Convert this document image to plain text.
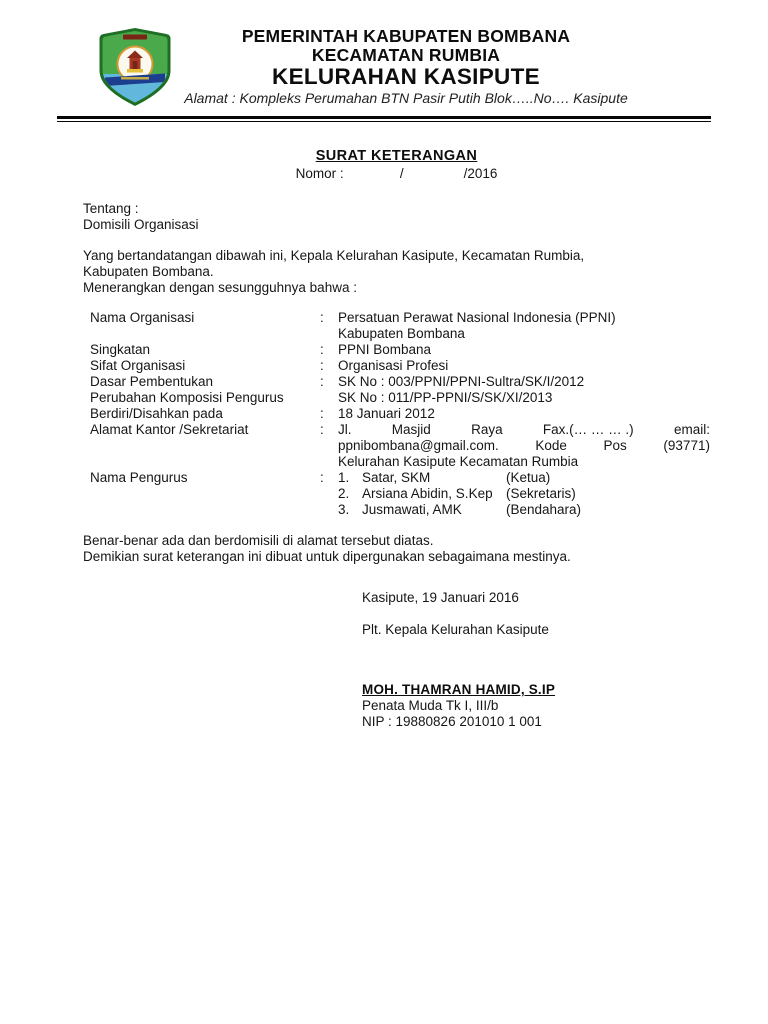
PEMERINTAH KABUPATEN BOMBANA
KECAMATAN RUMBIA
KELURAHAN KASIPUTE
Alamat : Kompleks Perumahan BTN Pasir Putih Blok…..No…. Kasipute
SURAT KETERANGAN
Nomor :               /                /2016
Tentang :
Domisili Organisasi
Yang bertandatangan dibawah ini, Kepala Kelurahan Kasipute, Kecamatan Rumbia,
Kabupaten Bombana.
Menerangkan dengan sesungguhnya bahwa :
Nama Organisasi	:	Persatuan Perawat Nasional Indonesia (PPNI)
Kabupaten Bombana
Singkatan	:	PPNI Bombana
Sifat Organisasi	:	Organisasi Profesi
Dasar Pembentukan	:	SK No : 003/PPNI/PPNI-Sultra/SK/I/2012
Perubahan Komposisi Pengurus	SK No : 011/PP-PPNI/S/SK/XI/2013
Berdiri/Disahkan pada	:	18 Januari 2012
Alamat Kantor /Sekretariat	:	Jl.	Masjid	Raya	Fax.(… … … .)	email:
ppnibombana@gmail.com.	Kode	Pos	(93771)
Kelurahan Kasipute Kecamatan Rumbia
Nama Pengurus	:	1. Satar, SKM	(Ketua)
2. Arsiana Abidin, S.Kep (Sekretaris)
3. Jusmawati, AMK	(Bendahara)
Benar-benar ada dan berdomisili di alamat tersebut diatas.
Demikian surat keterangan ini dibuat untuk dipergunakan sebagaimana mestinya.
Kasipute, 19 Januari 2016
Plt. Kepala Kelurahan Kasipute
MOH. THAMRAN HAMID, S.IP
Penata Muda Tk I, III/b
NIP : 19880826 201010 1 001
